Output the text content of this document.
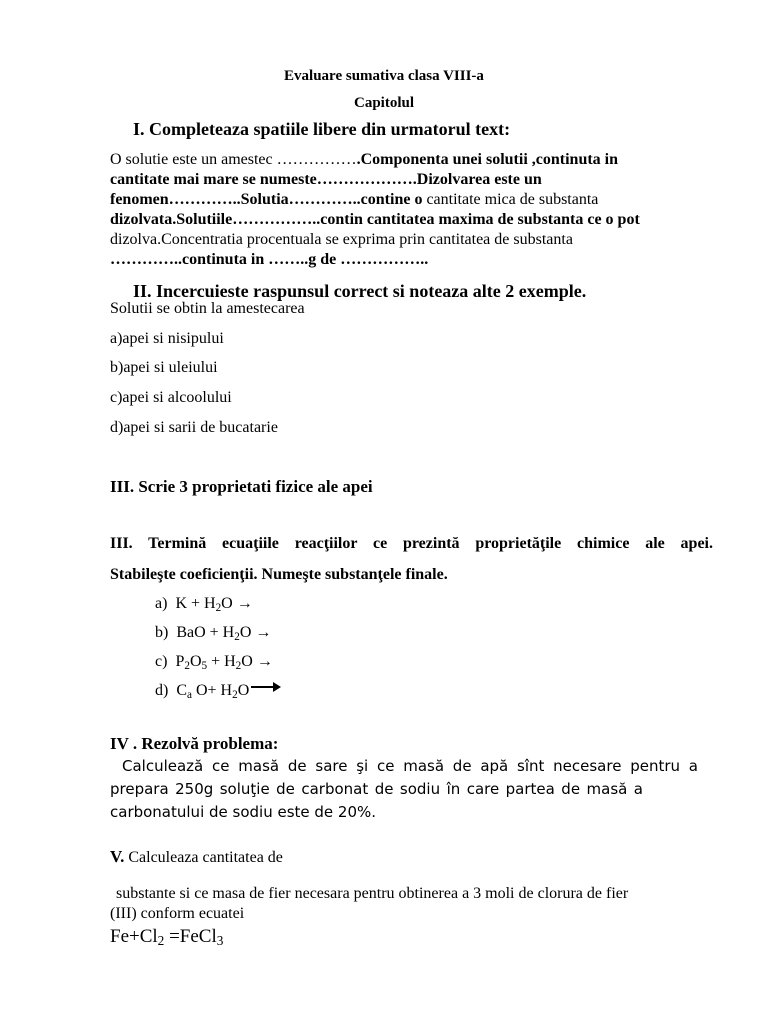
Evaluare sumativa clasa VIII-a
Capitolul
I. Completeaza spatiile libere din urmatorul text:
O solutie este un amestec …………….Componenta unei solutii ,continuta in
cantitate mai mare se numeste……………….Dizolvarea este un
fenomen…………..Solutia…………..contine o cantitate mica de substanta
dizolvata.Solutiile……………..contin cantitatea maxima de substanta ce o pot
dizolva.Concentratia procentuala se exprima prin cantitatea de substanta
…………..continuta in ……..g de ……………..
II. Incercuieste raspunsul correct si noteaza alte 2 exemple.
Solutii se obtin la amestecarea
a)apei si nisipului
b)apei si uleiului
c)apei si alcoolului
d)apei si sarii de bucatarie
III. Scrie 3 proprietati fizice ale apei
III. Termină ecuaţiile reacţiilor ce prezintă proprietăţile chimice ale apei.
Stabileşte coeficienţii. Numeşte substanţele finale.
a) $K + H_2O$ →
b) BaO + $H_2O$ →
c) $P_2O_5 + H_2O$ →
d) $C_a$ $O+ H_2O$
IV . Rezolvă problema:
Calculează ce masă de sare şi ce masă de apă sînt necesare pentru a
prepara 250g soluţie de carbonat de sodiu în care partea de masă a
carbonatului de sodiu este de 20%.
V. Calculeaza cantitatea de
substante si ce masa de fier necesara pentru obtinerea a 3 moli de clorura de fier
(III) conform ecuatei
$Fe+Cl_2$ =FeCl$_3$
